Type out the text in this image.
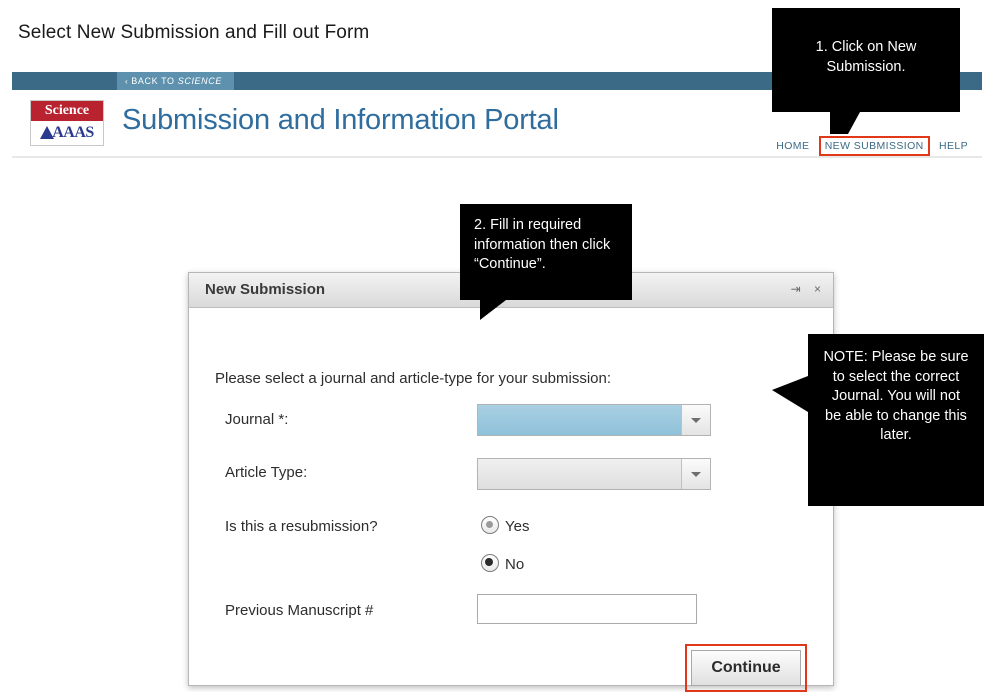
Select New Submission and Fill out Form
‹ BACK TO SCIENCE
Science
AAAS Submission and Information Portal
HOME NEW SUBMISSION HELP
New Submission	⇥ ×
Please select a journal and article-type for your submission:
Journal *:
Article Type:
Is this a resubmission?	Yes
No
Previous Manuscript #
Continue
1. Click on New Submission.
2. Fill in required information then click “Continue”.
NOTE: Please be sure to select the correct Journal. You will not be able to change this later.
